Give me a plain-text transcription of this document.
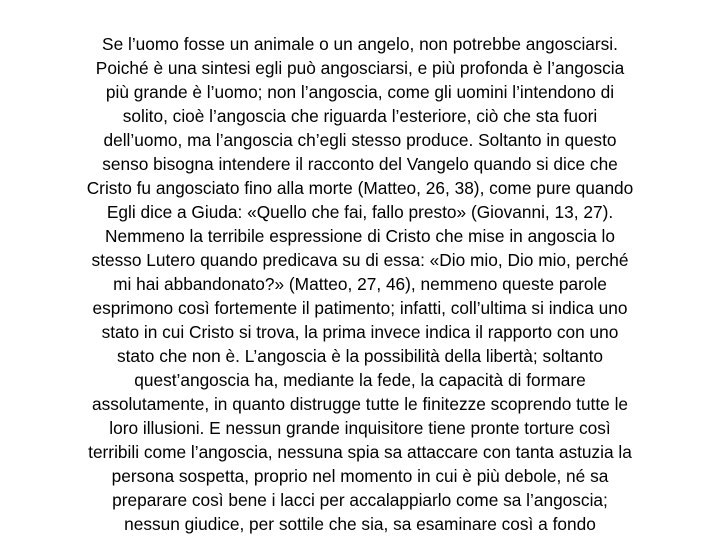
Se l’uomo fosse un animale o un angelo, non potrebbe angosciarsi.
Poiché è una sintesi egli può angosciarsi, e più profonda è l’angoscia
più grande è l’uomo; non l’angoscia, come gli uomini l’intendono di
solito, cioè l’angoscia che riguarda l’esteriore, ciò che sta fuori
dell’uomo, ma l’angoscia ch’egli stesso produce. Soltanto in questo
senso bisogna intendere il racconto del Vangelo quando si dice che
Cristo fu angosciato fino alla morte (Matteo, 26, 38), come pure quando
Egli dice a Giuda: «Quello che fai, fallo presto» (Giovanni, 13, 27).
Nemmeno la terribile espressione di Cristo che mise in angoscia lo
stesso Lutero quando predicava su di essa: «Dio mio, Dio mio, perché
mi hai abbandonato?» (Matteo, 27, 46), nemmeno queste parole
esprimono così fortemente il patimento; infatti, coll’ultima si indica uno
stato in cui Cristo si trova, la prima invece indica il rapporto con uno
stato che non è. L’angoscia è la possibilità della libertà; soltanto
quest’angoscia ha, mediante la fede, la capacità di formare
assolutamente, in quanto distrugge tutte le finitezze scoprendo tutte le
loro illusioni. E nessun grande inquisitore tiene pronte torture così
terribili come l’angoscia, nessuna spia sa attaccare con tanta astuzia la
persona sospetta, proprio nel momento in cui è più debole, né sa
preparare così bene i lacci per accalappiarlo come sa l’angoscia;
nessun giudice, per sottile che sia, sa esaminare così a fondo
